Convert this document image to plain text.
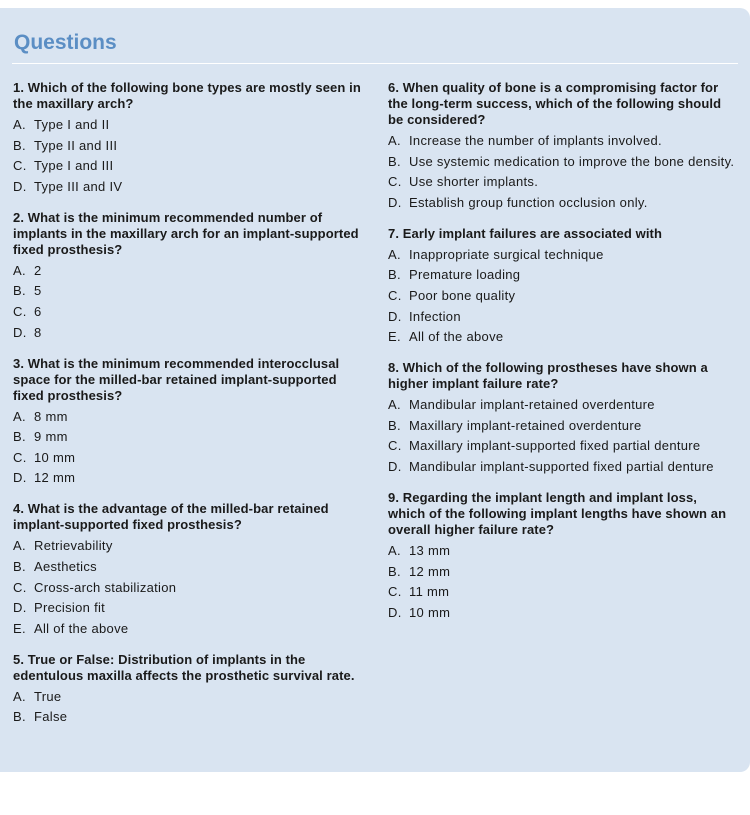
Questions
1. Which of the following bone types are mostly seen in the maxillary arch?
A. Type I and II
B. Type II and III
C. Type I and III
D. Type III and IV
2. What is the minimum recommended number of implants in the maxillary arch for an implant-supported fixed prosthesis?
A. 2
B. 5
C. 6
D. 8
3. What is the minimum recommended interocclusal space for the milled-bar retained implant-supported fixed prosthesis?
A. 8 mm
B. 9 mm
C. 10 mm
D. 12 mm
4. What is the advantage of the milled-bar retained implant-supported fixed prosthesis?
A. Retrievability
B. Aesthetics
C. Cross-arch stabilization
D. Precision fit
E. All of the above
5. True or False: Distribution of implants in the edentulous maxilla affects the prosthetic survival rate.
A. True
B. False
6. When quality of bone is a compromising factor for the long-term success, which of the following should be considered?
A. Increase the number of implants involved.
B. Use systemic medication to improve the bone density.
C. Use shorter implants.
D. Establish group function occlusion only.
7. Early implant failures are associated with
A. Inappropriate surgical technique
B. Premature loading
C. Poor bone quality
D. Infection
E. All of the above
8. Which of the following prostheses have shown a higher implant failure rate?
A. Mandibular implant-retained overdenture
B. Maxillary implant-retained overdenture
C. Maxillary implant-supported fixed partial denture
D. Mandibular implant-supported fixed partial denture
9. Regarding the implant length and implant loss, which of the following implant lengths have shown an overall higher failure rate?
A. 13 mm
B. 12 mm
C. 11 mm
D. 10 mm
